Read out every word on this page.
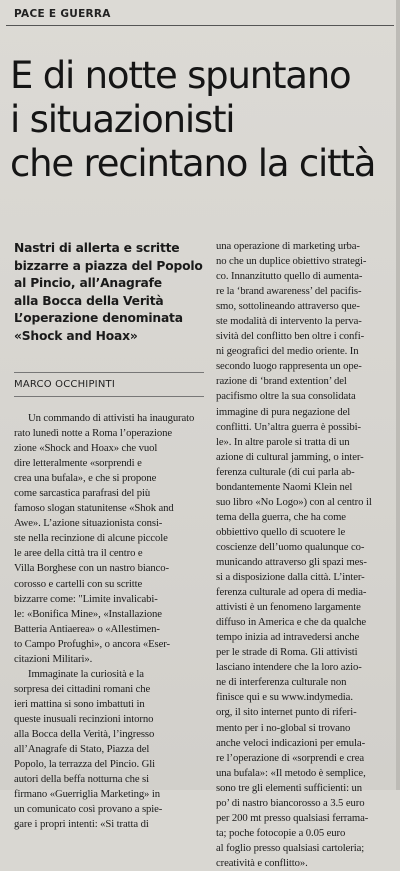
PACE E GUERRA
E di notte spuntano
i situazionisti
che recintano la città
Nastri di allerta e scritte
bizzarre a piazza del Popolo
al Pincio, all’Anagrafe
alla Bocca della Verità
L’operazione denominata
«Shock and Hoax»
MARCO OCCHIPINTI
Un commando di attivisti ha inaugurato
rato lunedì notte a Roma l’operazione
zione «Shock and Hoax» che vuol
dire letteralmente «sorprendi e
crea una bufala», e che si propone
come sarcastica parafrasi del più
famoso slogan statunitense «Shok and
Awe». L’azione situazionista consi-
ste nella recinzione di alcune piccole
le aree della città tra il centro e
Villa Borghese con un nastro bianco-
corosso e cartelli con su scritte
bizzarre come: "Limite invalicabi-
le: «Bonifica Mine», «Installazione
Batteria Antiaerea» o «Allestimen-
to Campo Profughi», o ancora «Eser-
citazioni Militari».
Immaginate la curiosità e la
sorpresa dei cittadini romani che
ieri mattina si sono imbattuti in
queste inusuali recinzioni intorno
alla Bocca della Verità, l’ingresso
all’Anagrafe di Stato, Piazza del
Popolo, la terrazza del Pincio. Gli
autori della beffa notturna che si
firmano «Guerriglia Marketing» in
un comunicato così provano a spie-
gare i propri intenti: «Si tratta di
una operazione di marketing urba-
no che un duplice obiettivo strategi-
co. Innanzitutto quello di aumenta-
re la ‘brand awareness’ del pacifis-
smo, sottolineando attraverso que-
ste modalità di intervento la perva-
sività del conflitto ben oltre i confi-
ni geografici del medio oriente. In
secondo luogo rappresenta un ope-
razione di ‘brand extention’ del
pacifismo oltre la sua consolidata
immagine di pura negazione del
conflitti. Un’altra guerra è possibi-
le». In altre parole si tratta di un
azione di cultural jamming, o inter-
ferenza culturale (di cui parla ab-
bondantemente Naomi Klein nel
suo libro «No Logo») con al centro il
tema della guerra, che ha come
obbiettivo quello di scuotere le
coscienze dell’uomo qualunque co-
municando attraverso gli spazi mes-
si a disposizione dalla città. L’inter-
ferenza culturale ad opera di media-
attivisti è un fenomeno largamente
diffuso in America e che da qualche
tempo inizia ad intravedersi anche
per le strade di Roma. Gli attivisti
lasciano intendere che la loro azio-
ne di interferenza culturale non
finisce qui e su www.indymedia.
org, il sito internet punto di riferi-
mento per i no-global si trovano
anche veloci indicazioni per emula-
re l’operazione di «sorprendi e crea
una bufala»: «Il metodo è semplice,
sono tre gli elementi sufficienti: un
po’ di nastro biancorosso a 3.5 euro
per 200 mt presso qualsiasi ferrama-
ta; poche fotocopie a 0.05 euro
al foglio presso qualsiasi cartoleria;
creatività e conflitto».
